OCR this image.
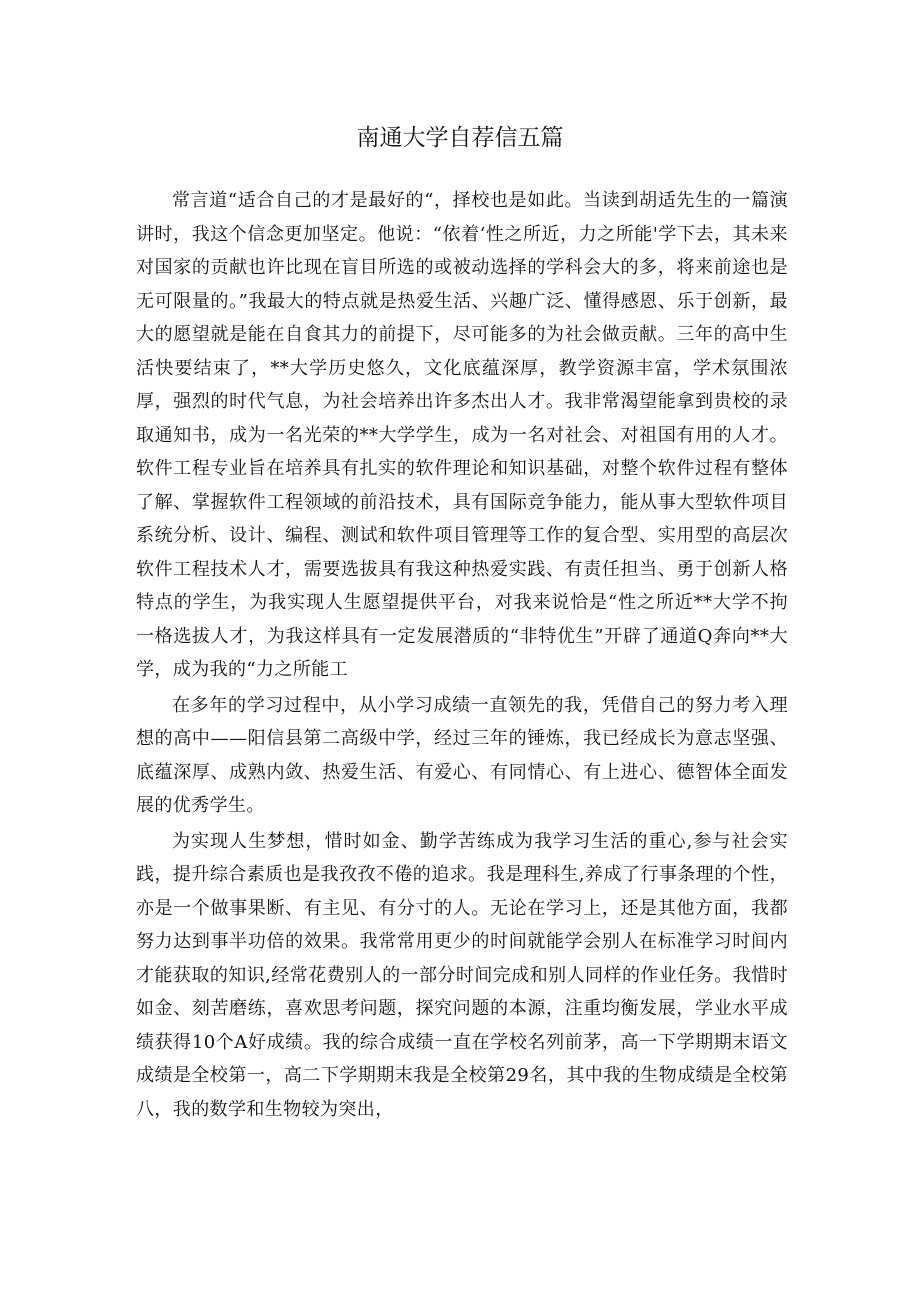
南通大学自荐信五篇

常言道“适合自己的才是最好的“，择校也是如此。当读到胡适先生的一篇演讲时，我这个信念更加坚定。他说：“依着‘性之所近，力之所能'学下去，其未来对国家的贡献也许比现在盲目所选的或被动选择的学科会大的多，将来前途也是无可限量的。”我最大的特点就是热爱生活、兴趣广泛、懂得感恩、乐于创新，最大的愿望就是能在自食其力的前提下，尽可能多的为社会做贡献。三年的高中生活快要结束了，**大学历史悠久，文化底蕴深厚，教学资源丰富，学术氛围浓厚，强烈的时代气息，为社会培养出许多杰出人才。我非常渴望能拿到贵校的录取通知书，成为一名光荣的**大学学生，成为一名对社会、对祖国有用的人才。软件工程专业旨在培养具有扎实的软件理论和知识基础，对整个软件过程有整体了解、掌握软件工程领域的前沿技术，具有国际竞争能力，能从事大型软件项目系统分析、设计、编程、测试和软件项目管理等工作的复合型、实用型的高层次软件工程技术人才，需要选拔具有我这种热爱实践、有责任担当、勇于创新人格特点的学生，为我实现人生愿望提供平台，对我来说恰是“性之所近**大学不拘一格选拔人才，为我这样具有一定发展潜质的“非特优生”开辟了通道Q奔向**大学，成为我的“力之所能工

在多年的学习过程中，从小学习成绩一直领先的我，凭借自己的努力考入理想的高中——阳信县第二高级中学，经过三年的锤炼，我已经成长为意志坚强、底蕴深厚、成熟内敛、热爱生活、有爱心、有同情心、有上进心、德智体全面发展的优秀学生。

为实现人生梦想，惜时如金、勤学苦练成为我学习生活的重心,参与社会实践，提升综合素质也是我孜孜不倦的追求。我是理科生,养成了行事条理的个性，亦是一个做事果断、有主见、有分寸的人。无论在学习上，还是其他方面，我都努力达到事半功倍的效果。我常常用更少的时间就能学会别人在标准学习时间内才能获取的知识,经常花费别人的一部分时间完成和别人同样的作业任务。我惜时如金、刻苦磨练，喜欢思考问题，探究问题的本源，注重均衡发展，学业水平成绩获得10个A好成绩。我的综合成绩一直在学校名列前茅，高一下学期期末语文成绩是全校第一，高二下学期期末我是全校第29名，其中我的生物成绩是全校第八，我的数学和生物较为突出，
